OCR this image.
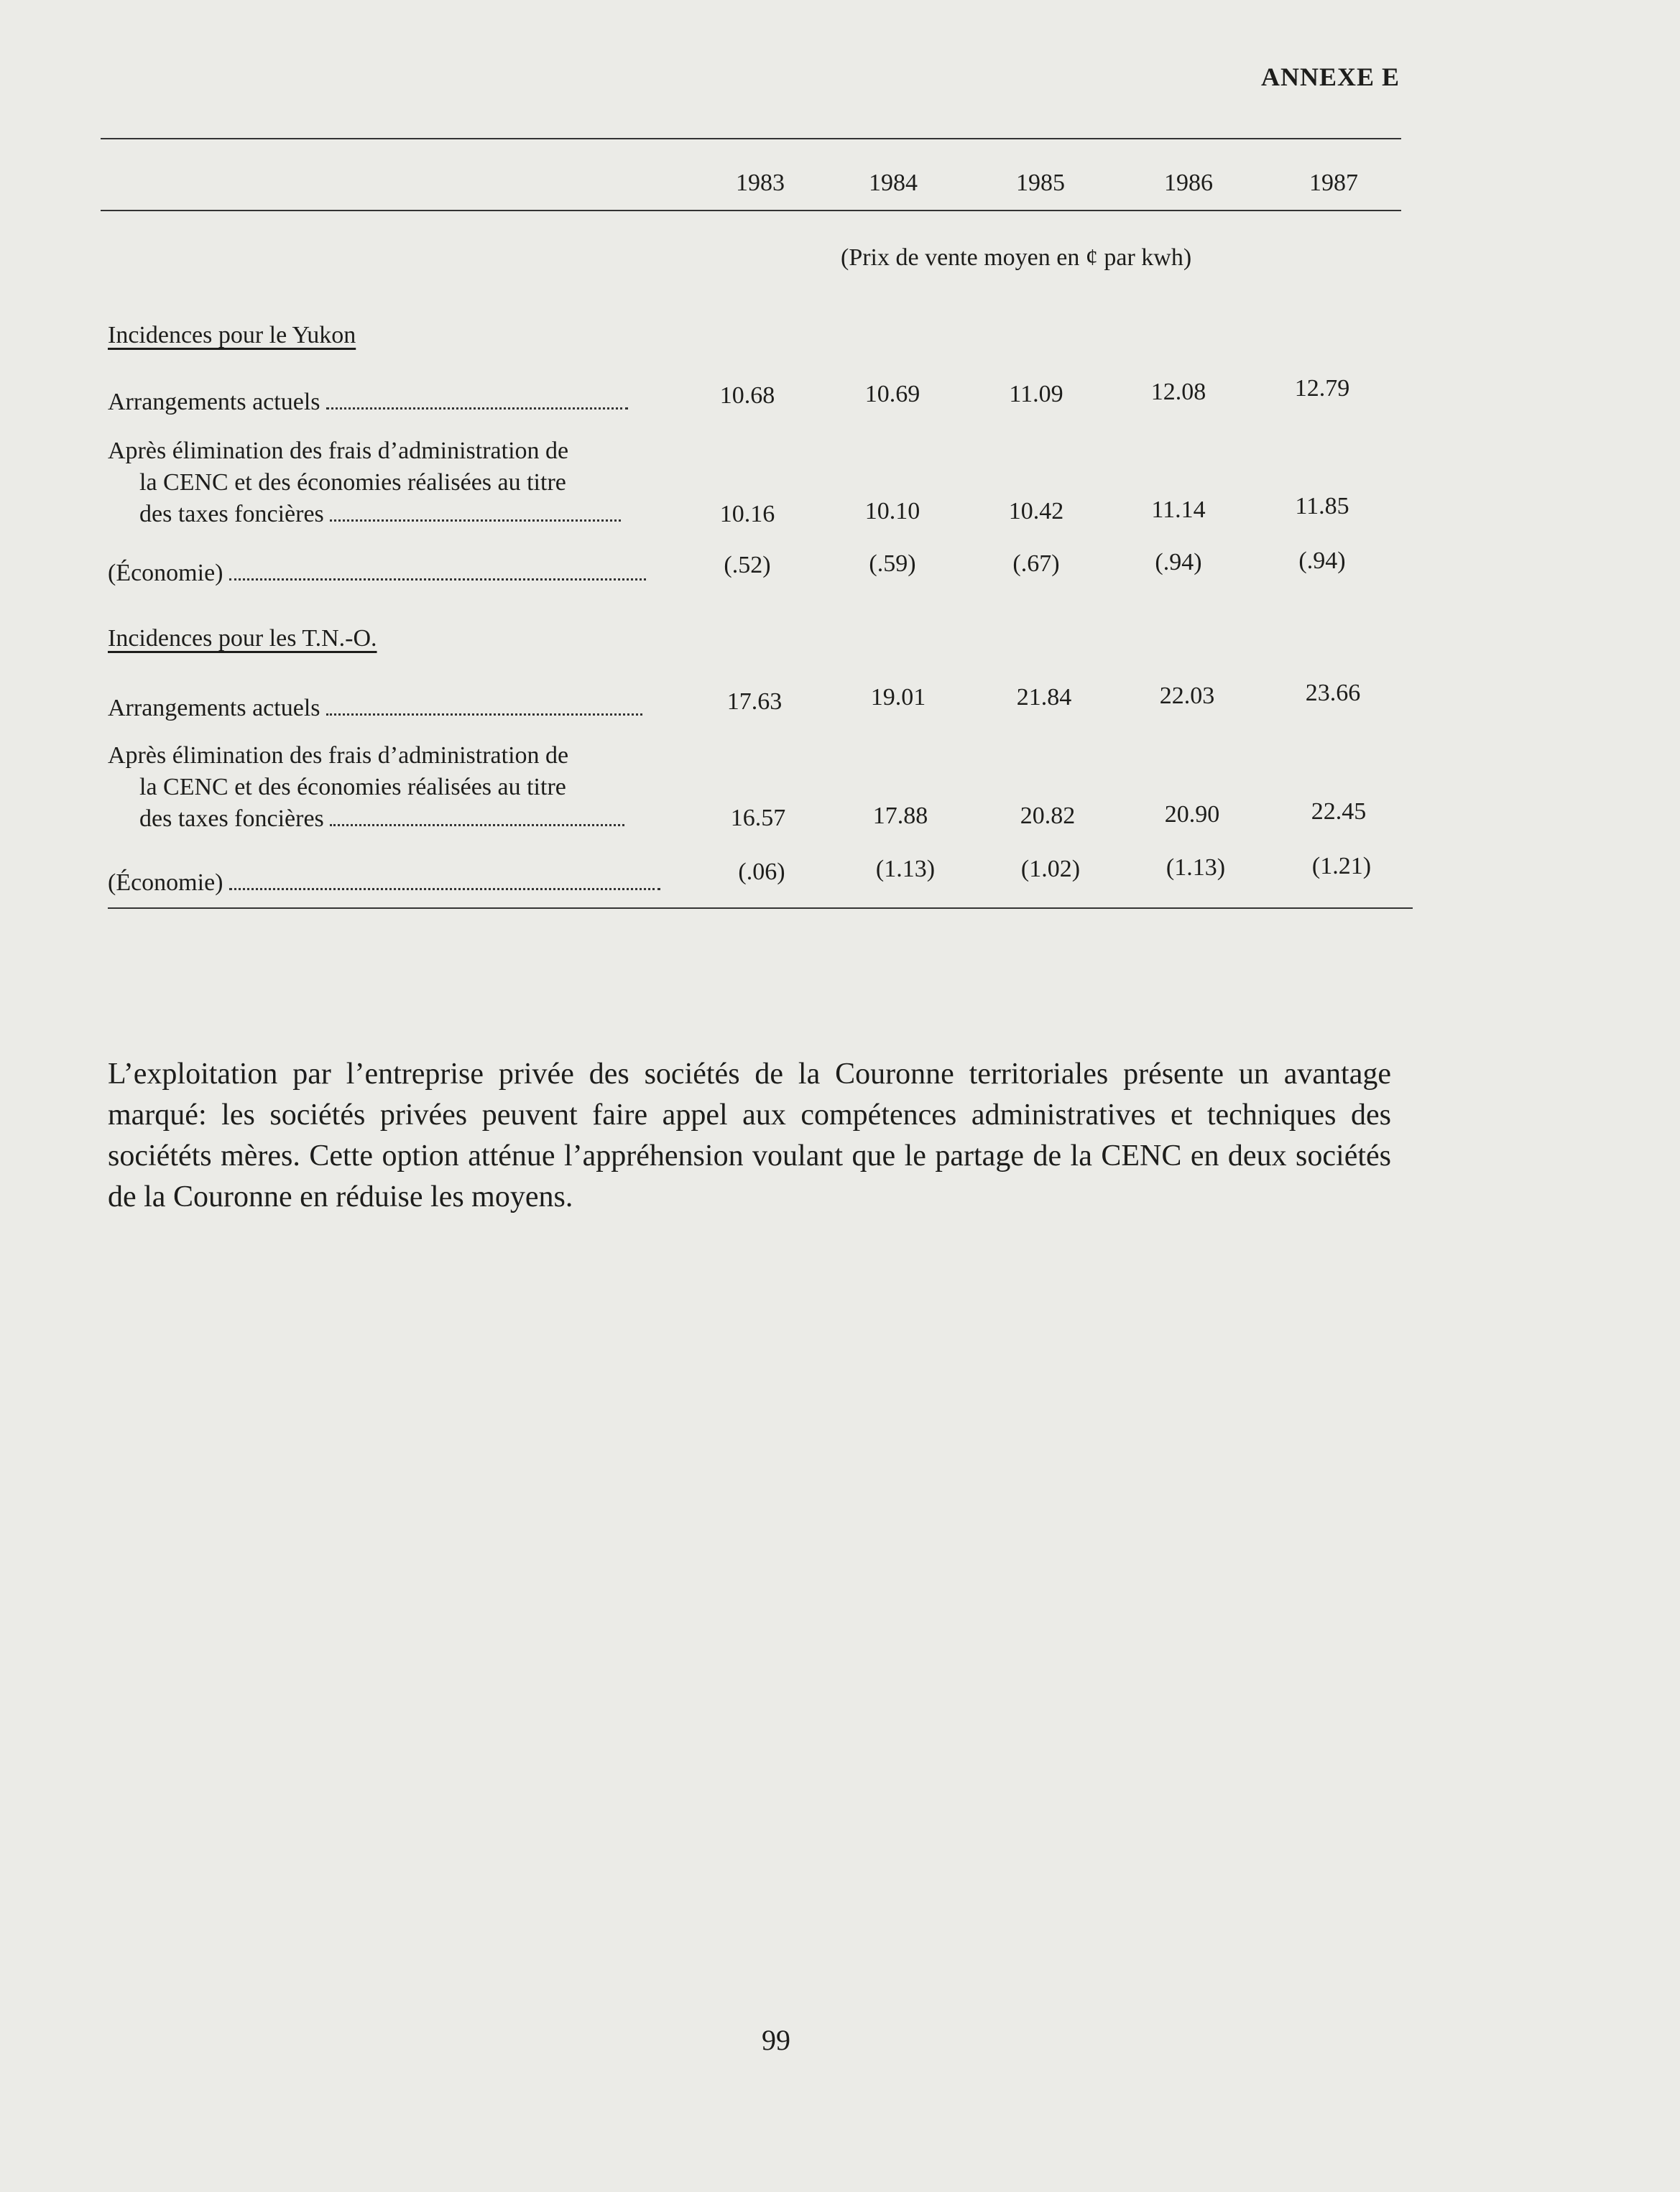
ANNEXE E
1983	1984	1985	1986	1987
(Prix de vente moyen en ¢ par kwh)
Incidences pour le Yukon
Arrangements actuels	10.68	10.69	11.09	12.08	12.79
Après élimination des frais d’administration de
la CENC et des économies réalisées au titre
des taxes foncières	10.16	10.10	10.42	11.14	11.85
(Économie)	(.52)	(.59)	(.67)	(.94)	(.94)
Incidences pour les T.N.-O.
Arrangements actuels	17.63	19.01	21.84	22.03	23.66
Après élimination des frais d’administration de
la CENC et des économies réalisées au titre
des taxes foncières	16.57	17.88	20.82	20.90	22.45
(Économie)	(.06)	(1.13)	(1.02)	(1.13)	(1.21)

L’exploitation par l’entreprise privée des sociétés de la Couronne territoriales présente un avantage marqué: les sociétés privées peuvent faire appel aux compétences administratives et techniques des sociététs mères. Cette option atténue l’appréhension voulant que le partage de la CENC en deux sociétés de la Couronne en réduise les moyens.

99
